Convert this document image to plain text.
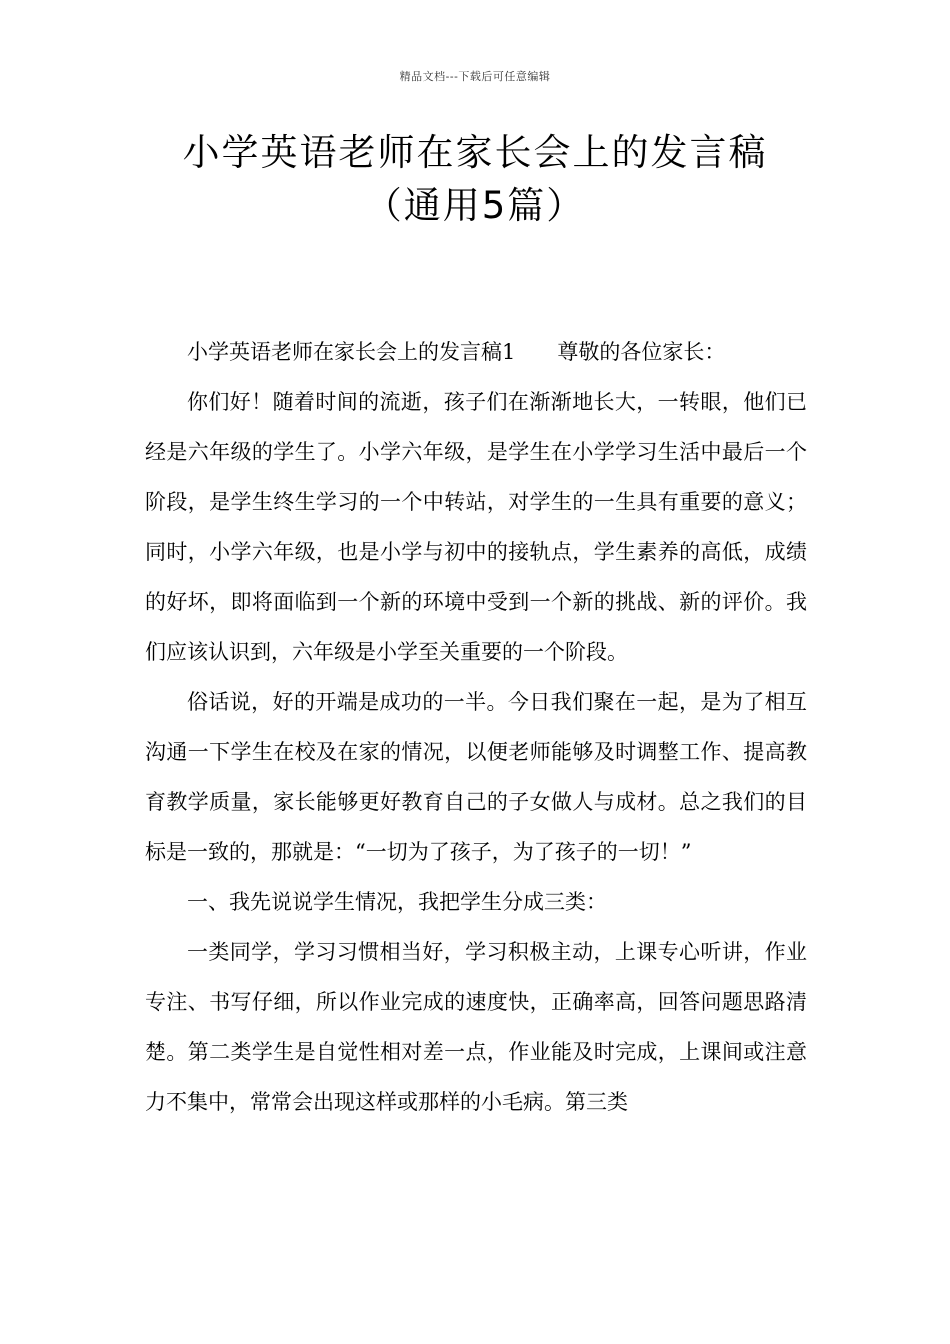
精品文档---下载后可任意编辑
小学英语老师在家长会上的发言稿（通用5篇）

小学英语老师在家长会上的发言稿1 尊敬的各位家长：

你们好！随着时间的流逝，孩子们在渐渐地长大，一转眼，他们已经是六年级的学生了。小学六年级，是学生在小学学习生活中最后一个阶段，是学生终生学习的一个中转站，对学生的一生具有重要的意义；同时，小学六年级，也是小学与初中的接轨点，学生素养的高低，成绩的好坏，即将面临到一个新的环境中受到一个新的挑战、新的评价。我们应该认识到，六年级是小学至关重要的一个阶段。

俗话说，好的开端是成功的一半。今日我们聚在一起，是为了相互沟通一下学生在校及在家的情况，以便老师能够及时调整工作、提高教育教学质量，家长能够更好教育自己的子女做人与成材。总之我们的目标是一致的，那就是：“一切为了孩子，为了孩子的一切！”

一、我先说说学生情况，我把学生分成三类：

一类同学，学习习惯相当好，学习积极主动，上课专心听讲，作业专注、书写仔细，所以作业完成的速度快，正确率高，回答问题思路清楚。第二类学生是自觉性相对差一点，作业能及时完成，上课间或注意力不集中，常常会出现这样或那样的小毛病。第三类
